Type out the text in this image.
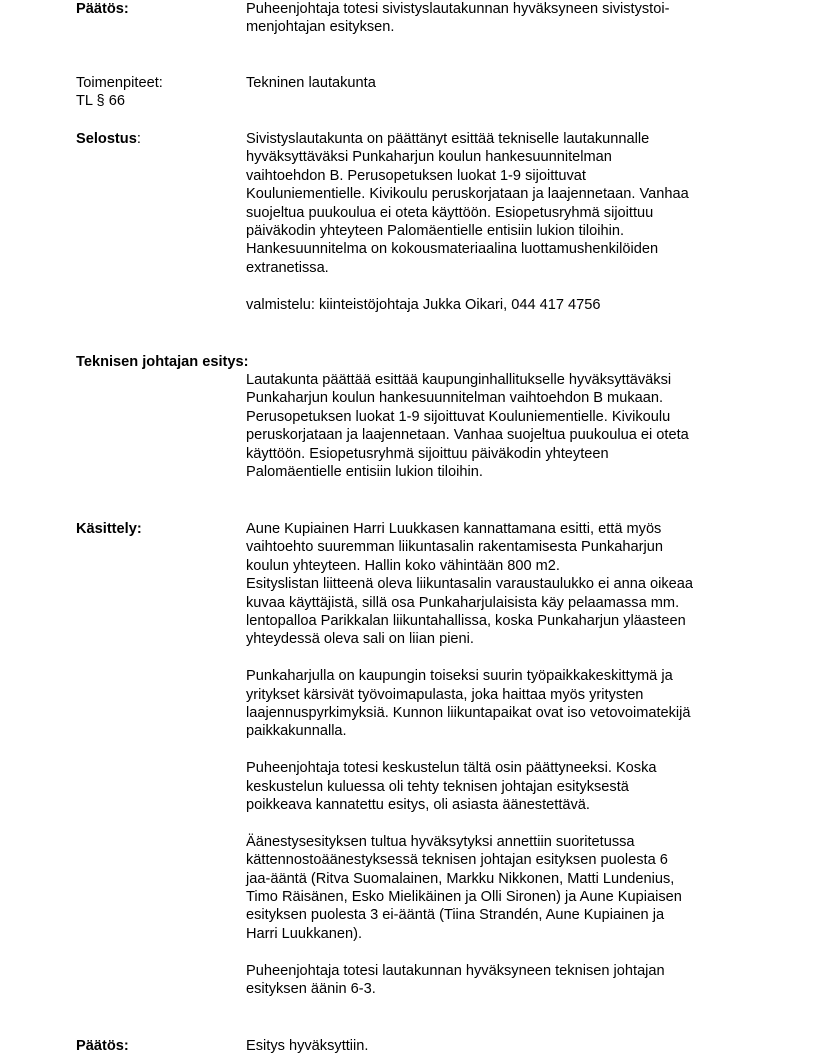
Päätös:	Puheenjohtaja totesi sivistyslautakunnan hyväksyneen sivistystoi-
menjohtajan esityksen.
Toimenpiteet:
TL § 66
Tekninen lautakunta
Selostus:	Sivistyslautakunta on päättänyt esittää tekniselle lautakunnalle
hyväksyttäväksi Punkaharjun koulun hankesuunnitelman
vaihtoehdon B. Perusopetuksen luokat 1-9 sijoittuvat
Kouluniementielle. Kivikoulu peruskorjataan ja laajennetaan. Vanhaa
suojeltua puukoulua ei oteta käyttöön. Esiopetusryhmä sijoittuu
päiväkodin yhteyteen Palomäentielle entisiin lukion tiloihin.
Hankesuunnitelma on kokousmateriaalina luottamushenkilöiden
extranetissa.
valmistelu: kiinteistöjohtaja Jukka Oikari, 044 417 4756
Teknisen johtajan esitys:
Lautakunta päättää esittää kaupunginhallitukselle hyväksyttäväksi
Punkaharjun koulun hankesuunnitelman vaihtoehdon B mukaan.
Perusopetuksen luokat 1-9 sijoittuvat Kouluniementielle. Kivikoulu
peruskorjataan ja laajennetaan. Vanhaa suojeltua puukoulua ei oteta
käyttöön. Esiopetusryhmä sijoittuu päiväkodin yhteyteen
Palomäentielle entisiin lukion tiloihin.
Käsittely:	Aune Kupiainen Harri Luukkasen kannattamana esitti, että myös
vaihtoehto suuremman liikuntasalin rakentamisesta Punkaharjun
koulun yhteyteen. Hallin koko vähintään 800 m2.
Esityslistan liitteenä oleva liikuntasalin varaustaulukko ei anna oikeaa
kuvaa käyttäjistä, sillä osa Punkaharjulaisista käy pelaamassa mm.
lentopalloa Parikkalan liikuntahallissa, koska Punkaharjun yläasteen
yhteydessä oleva sali on liian pieni.
Punkaharjulla on kaupungin toiseksi suurin työpaikkakeskittymä ja
yritykset kärsivät työvoimapulasta, joka haittaa myös yritysten
laajennuspyrkimyksiä. Kunnon liikuntapaikat ovat iso vetovoimatekijä
paikkakunnalla.
Puheenjohtaja totesi keskustelun tältä osin päättyneeksi. Koska
keskustelun kuluessa oli tehty teknisen johtajan esityksestä
poikkeava kannatettu esitys, oli asiasta äänestettävä.
Äänestysesityksen tultua hyväksytyksi annettiin suoritetussa
kättennostoäänestyksessä teknisen johtajan esityksen puolesta 6
jaa-ääntä (Ritva Suomalainen, Markku Nikkonen, Matti Lundenius,
Timo Räisänen, Esko Mielikäinen ja Olli Sironen) ja Aune Kupiaisen
esityksen puolesta 3 ei-ääntä (Tiina Strandén, Aune Kupiainen ja
Harri Luukkanen).
Puheenjohtaja totesi lautakunnan hyväksyneen teknisen johtajan
esityksen äänin 6-3.
Päätös:	Esitys hyväksyttiin.
